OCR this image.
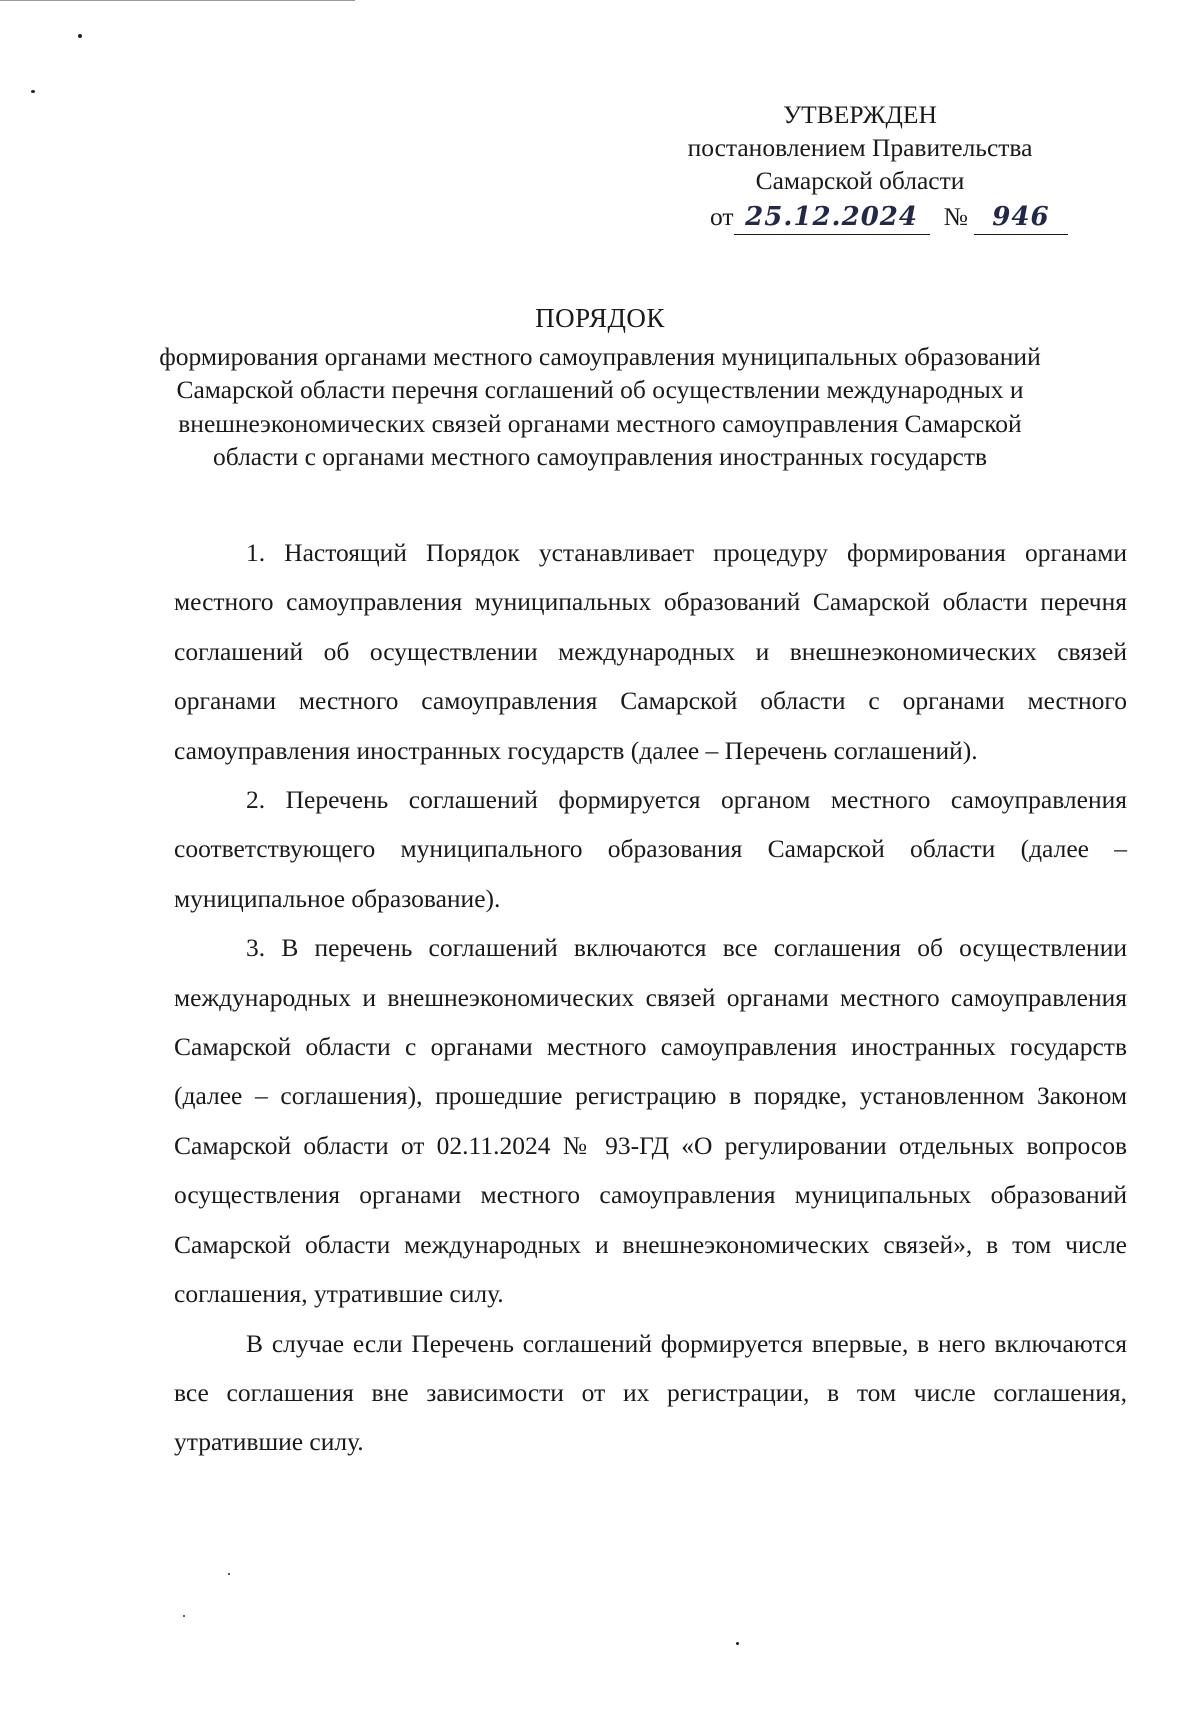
УТВЕРЖДЕН
постановлением Правительства
Самарской области
от 25.12.2024 № 946
ПОРЯДОК
формирования органами местного самоуправления муниципальных образований Самарской области перечня соглашений об осуществлении международных и внешнеэкономических связей органами местного самоуправления Самарской области с органами местного самоуправления иностранных государств

1. Настоящий Порядок устанавливает процедуру формирования органами местного самоуправления муниципальных образований Самарской области перечня соглашений об осуществлении международных и внешнеэкономических связей органами местного самоуправления Самарской области с органами местного самоуправления иностранных государств (далее – Перечень соглашений).

2. Перечень соглашений формируется органом местного самоуправления соответствующего муниципального образования Самарской области (далее – муниципальное образование).

3. В перечень соглашений включаются все соглашения об осуществлении международных и внешнеэкономических связей органами местного самоуправления Самарской области с органами местного самоуправления иностранных государств (далее – соглашения), прошедшие регистрацию в порядке, установленном Законом Самарской области от 02.11.2024 № 93-ГД «О регулировании отдельных вопросов осуществления органами местного самоуправления муниципальных образований Самарской области международных и внешнеэкономических связей», в том числе соглашения, утратившие силу.

В случае если Перечень соглашений формируется впервые, в него включаются все соглашения вне зависимости от их регистрации, в том числе соглашения, утратившие силу.
